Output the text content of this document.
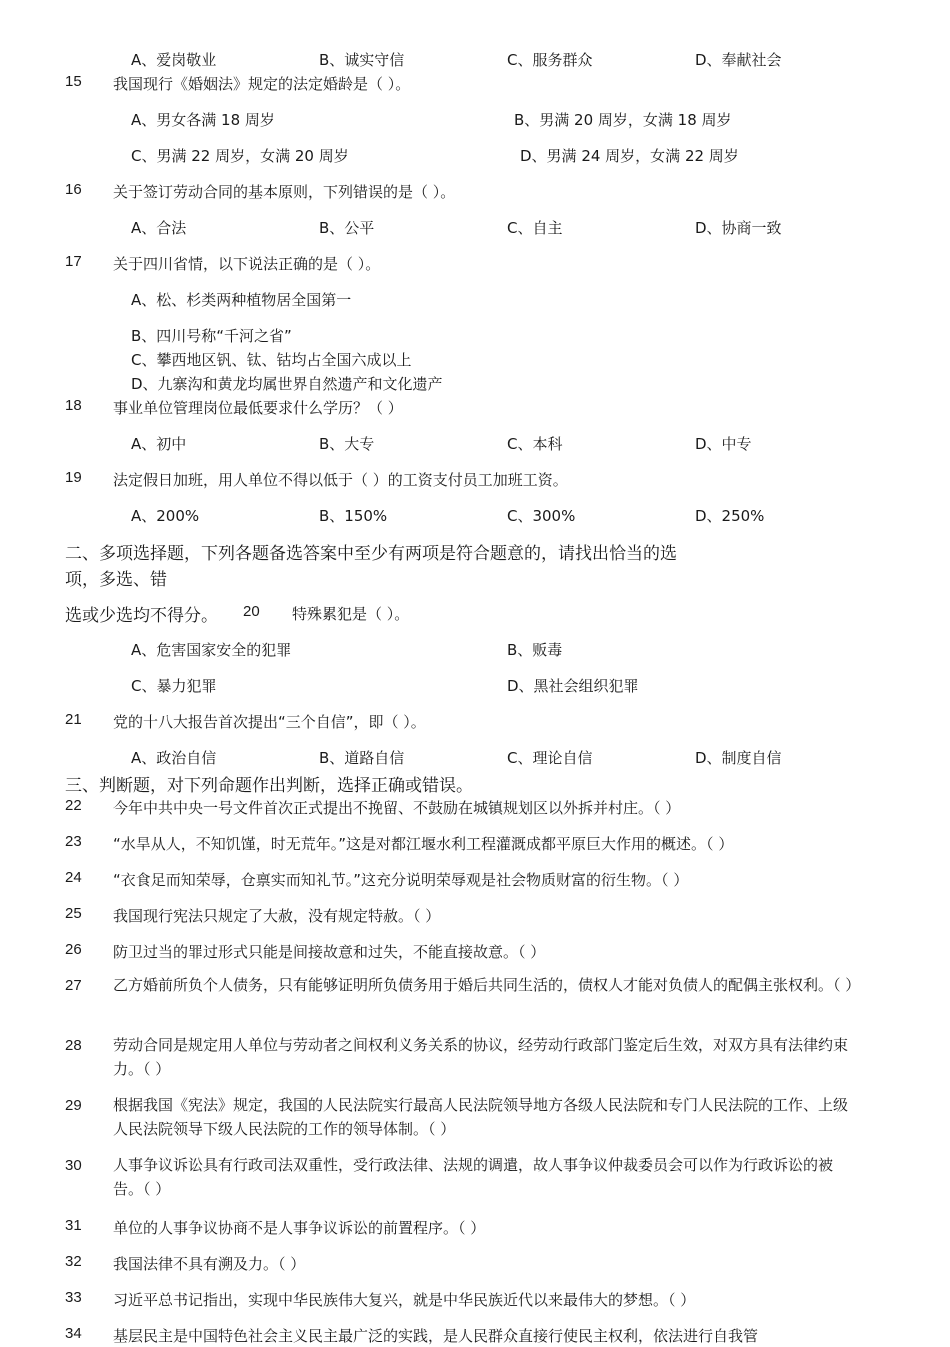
A、爱岗敬业	B、诚实守信	C、服务群众	D、奉献社会
15 我国现行《婚姻法》规定的法定婚龄是（ ）。
A、男女各满 18 周岁	B、男满 20 周岁，女满 18 周岁
C、男满 22 周岁，女满 20 周岁	D、男满 24 周岁，女满 22 周岁
16 关于签订劳动合同的基本原则，下列错误的是（ ）。
A、合法	B、公平	C、自主	D、协商一致
17 关于四川省情，以下说法正确的是（ ）。
A、松、杉类两种植物居全国第一
B、四川号称“千河之省”
C、攀西地区钒、钛、钴均占全国六成以上
D、九寨沟和黄龙均属世界自然遗产和文化遗产
18 事业单位管理岗位最低要求什么学历？（ ）
A、初中	B、大专	C、本科	D、中专
19 法定假日加班，用人单位不得以低于（ ）的工资支付员工加班工资。
A、200%	B、150%	C、300%	D、250%
二、多项选择题，下列各题备选答案中至少有两项是符合题意的，请找出恰当的选
项，多选、错
选或少选均不得分。 20 特殊累犯是（ ）。
A、危害国家安全的犯罪	B、贩毒
C、暴力犯罪	D、黑社会组织犯罪
21 党的十八大报告首次提出“三个自信”，即（ ）。
A、政治自信	B、道路自信	C、理论自信	D、制度自信
三、判断题，对下列命题作出判断，选择正确或错误。
22 今年中共中央一号文件首次正式提出不挽留、不鼓励在城镇规划区以外拆并村庄。（ ）
23 “水旱从人，不知饥馑，时无荒年。”这是对都江堰水利工程灌溉成都平原巨大作用的概述。（ ）
24 “衣食足而知荣辱，仓禀实而知礼节。”这充分说明荣辱观是社会物质财富的衍生物。（ ）
25 我国现行宪法只规定了大赦，没有规定特赦。（ ）
26 防卫过当的罪过形式只能是间接故意和过失，不能直接故意。（ ）
27 乙方婚前所负个人债务，只有能够证明所负债务用于婚后共同生活的，债权人才能对负债人的配偶主张权利。（ ）
28 劳动合同是规定用人单位与劳动者之间权利义务关系的协议，经劳动行政部门鉴定后生效，对双方具有法律约束力。（ ）
29 根据我国《宪法》规定，我国的人民法院实行最高人民法院领导地方各级人民法院和专门人民法院的工作、上级人民法院领导下级人民法院的工作的领导体制。（ ）
30 人事争议诉讼具有行政司法双重性，受行政法律、法规的调遣，故人事争议仲裁委员会可以作为行政诉讼的被告。（ ）
31 单位的人事争议协商不是人事争议诉讼的前置程序。（ ）
32 我国法律不具有溯及力。（ ）
33 习近平总书记指出，实现中华民族伟大复兴，就是中华民族近代以来最伟大的梦想。（ ）
34 基层民主是中国特色社会主义民主最广泛的实践，是人民群众直接行使民主权利，依法进行自我管
